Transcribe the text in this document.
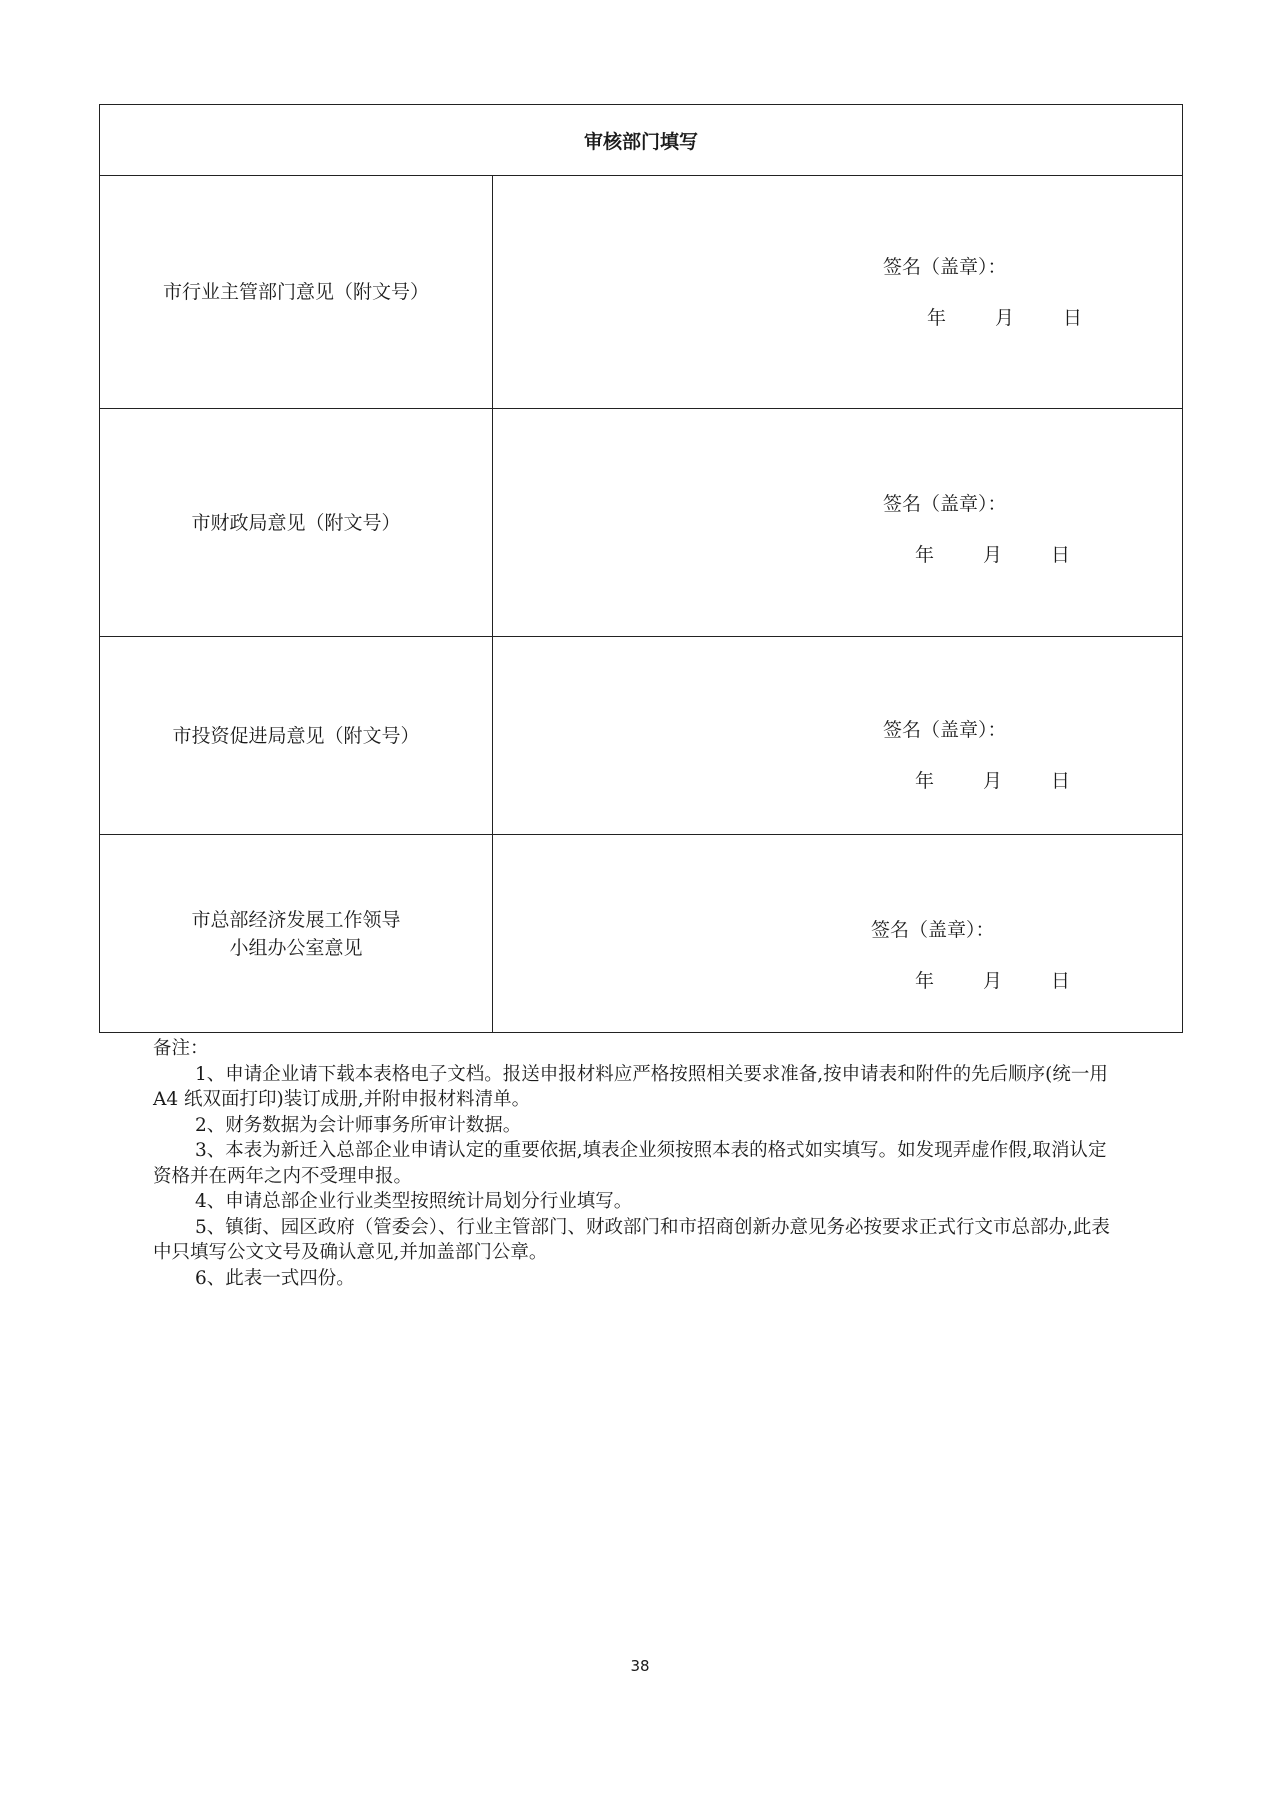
审核部门填写	

市行业主管部门意见（附文号）	签名（盖章）：
年 月 日

市财政局意见（附文号）	签名（盖章）：
年 月 日

市投资促进局意见（附文号）	签名（盖章）：
年 月 日

市总部经济发展工作领导
小组办公室意见	签名（盖章）：
年 月 日

备注：

1、申请企业请下载本表格电子文档。报送申报材料应严格按照相关要求准备,按申请表和附件的先后顺序(统一用 A4 纸双面打印)装订成册,并附申报材料清单。

2、财务数据为会计师事务所审计数据。

3、本表为新迁入总部企业申请认定的重要依据,填表企业须按照本表的格式如实填写。如发现弄虚作假,取消认定资格并在两年之内不受理申报。

4、申请总部企业行业类型按照统计局划分行业填写。

5、镇街、园区政府（管委会）、行业主管部门、财政部门和市招商创新办意见务必按要求正式行文市总部办,此表中只填写公文文号及确认意见,并加盖部门公章。

6、此表一式四份。

38
